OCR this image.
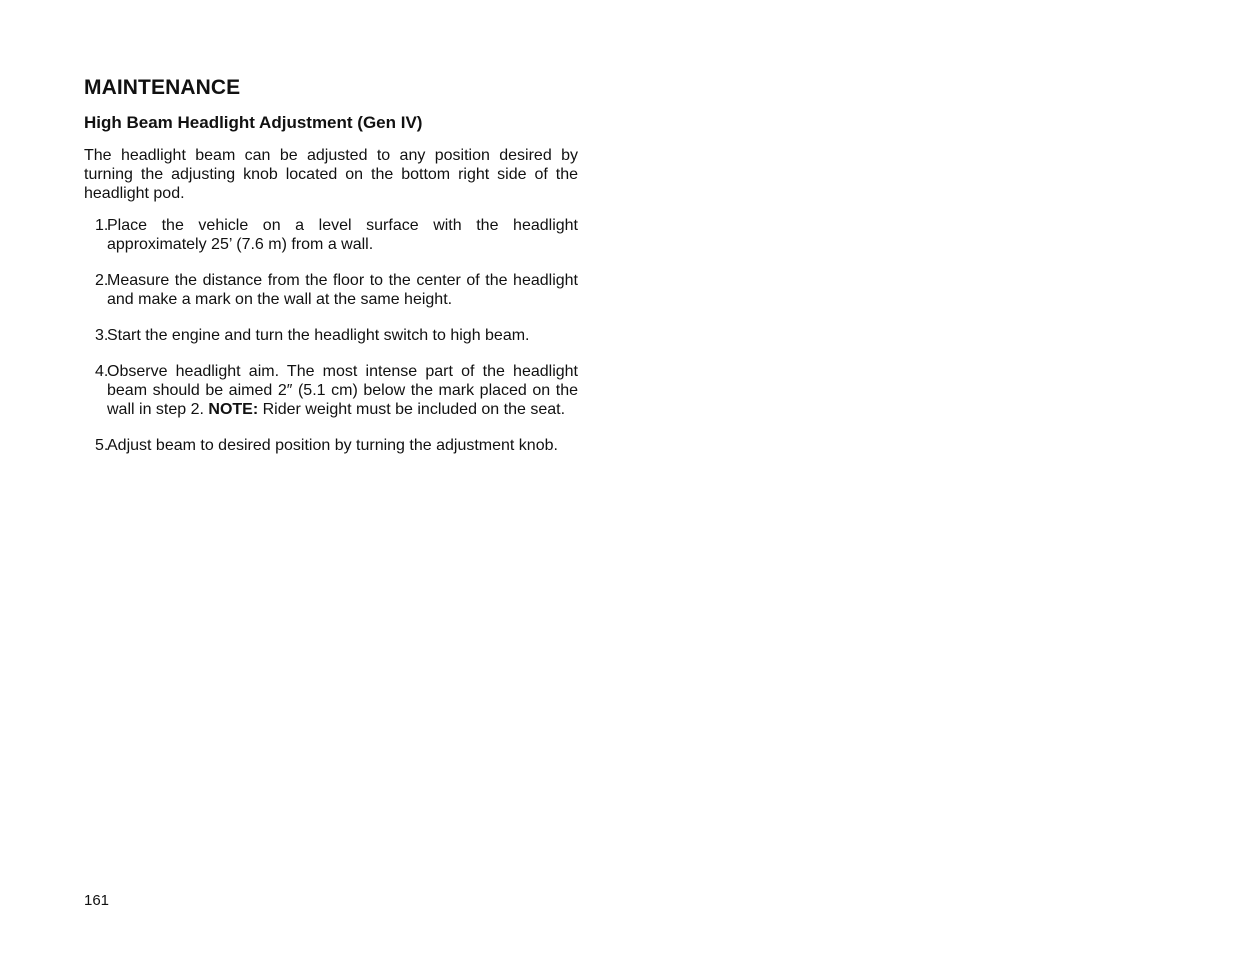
MAINTENANCE
High Beam Headlight Adjustment (Gen IV)

The headlight beam can be adjusted to any position desired by turning the adjusting knob located on the bottom right side of the headlight pod.

1.
Place the vehicle on a level surface with the headlight approximately 25’ (7.6 m) from a wall.
2.
Measure the distance from the floor to the center of the headlight and make a mark on the wall at the same height.
3.
Start the engine and turn the headlight switch to high beam.
4.
Observe headlight aim. The most intense part of the headlight beam should be aimed 2″ (5.1 cm) below the mark placed on the wall in step 2. NOTE: Rider weight must be included on the seat.
5.
Adjust beam to desired position by turning the adjustment knob.
161
